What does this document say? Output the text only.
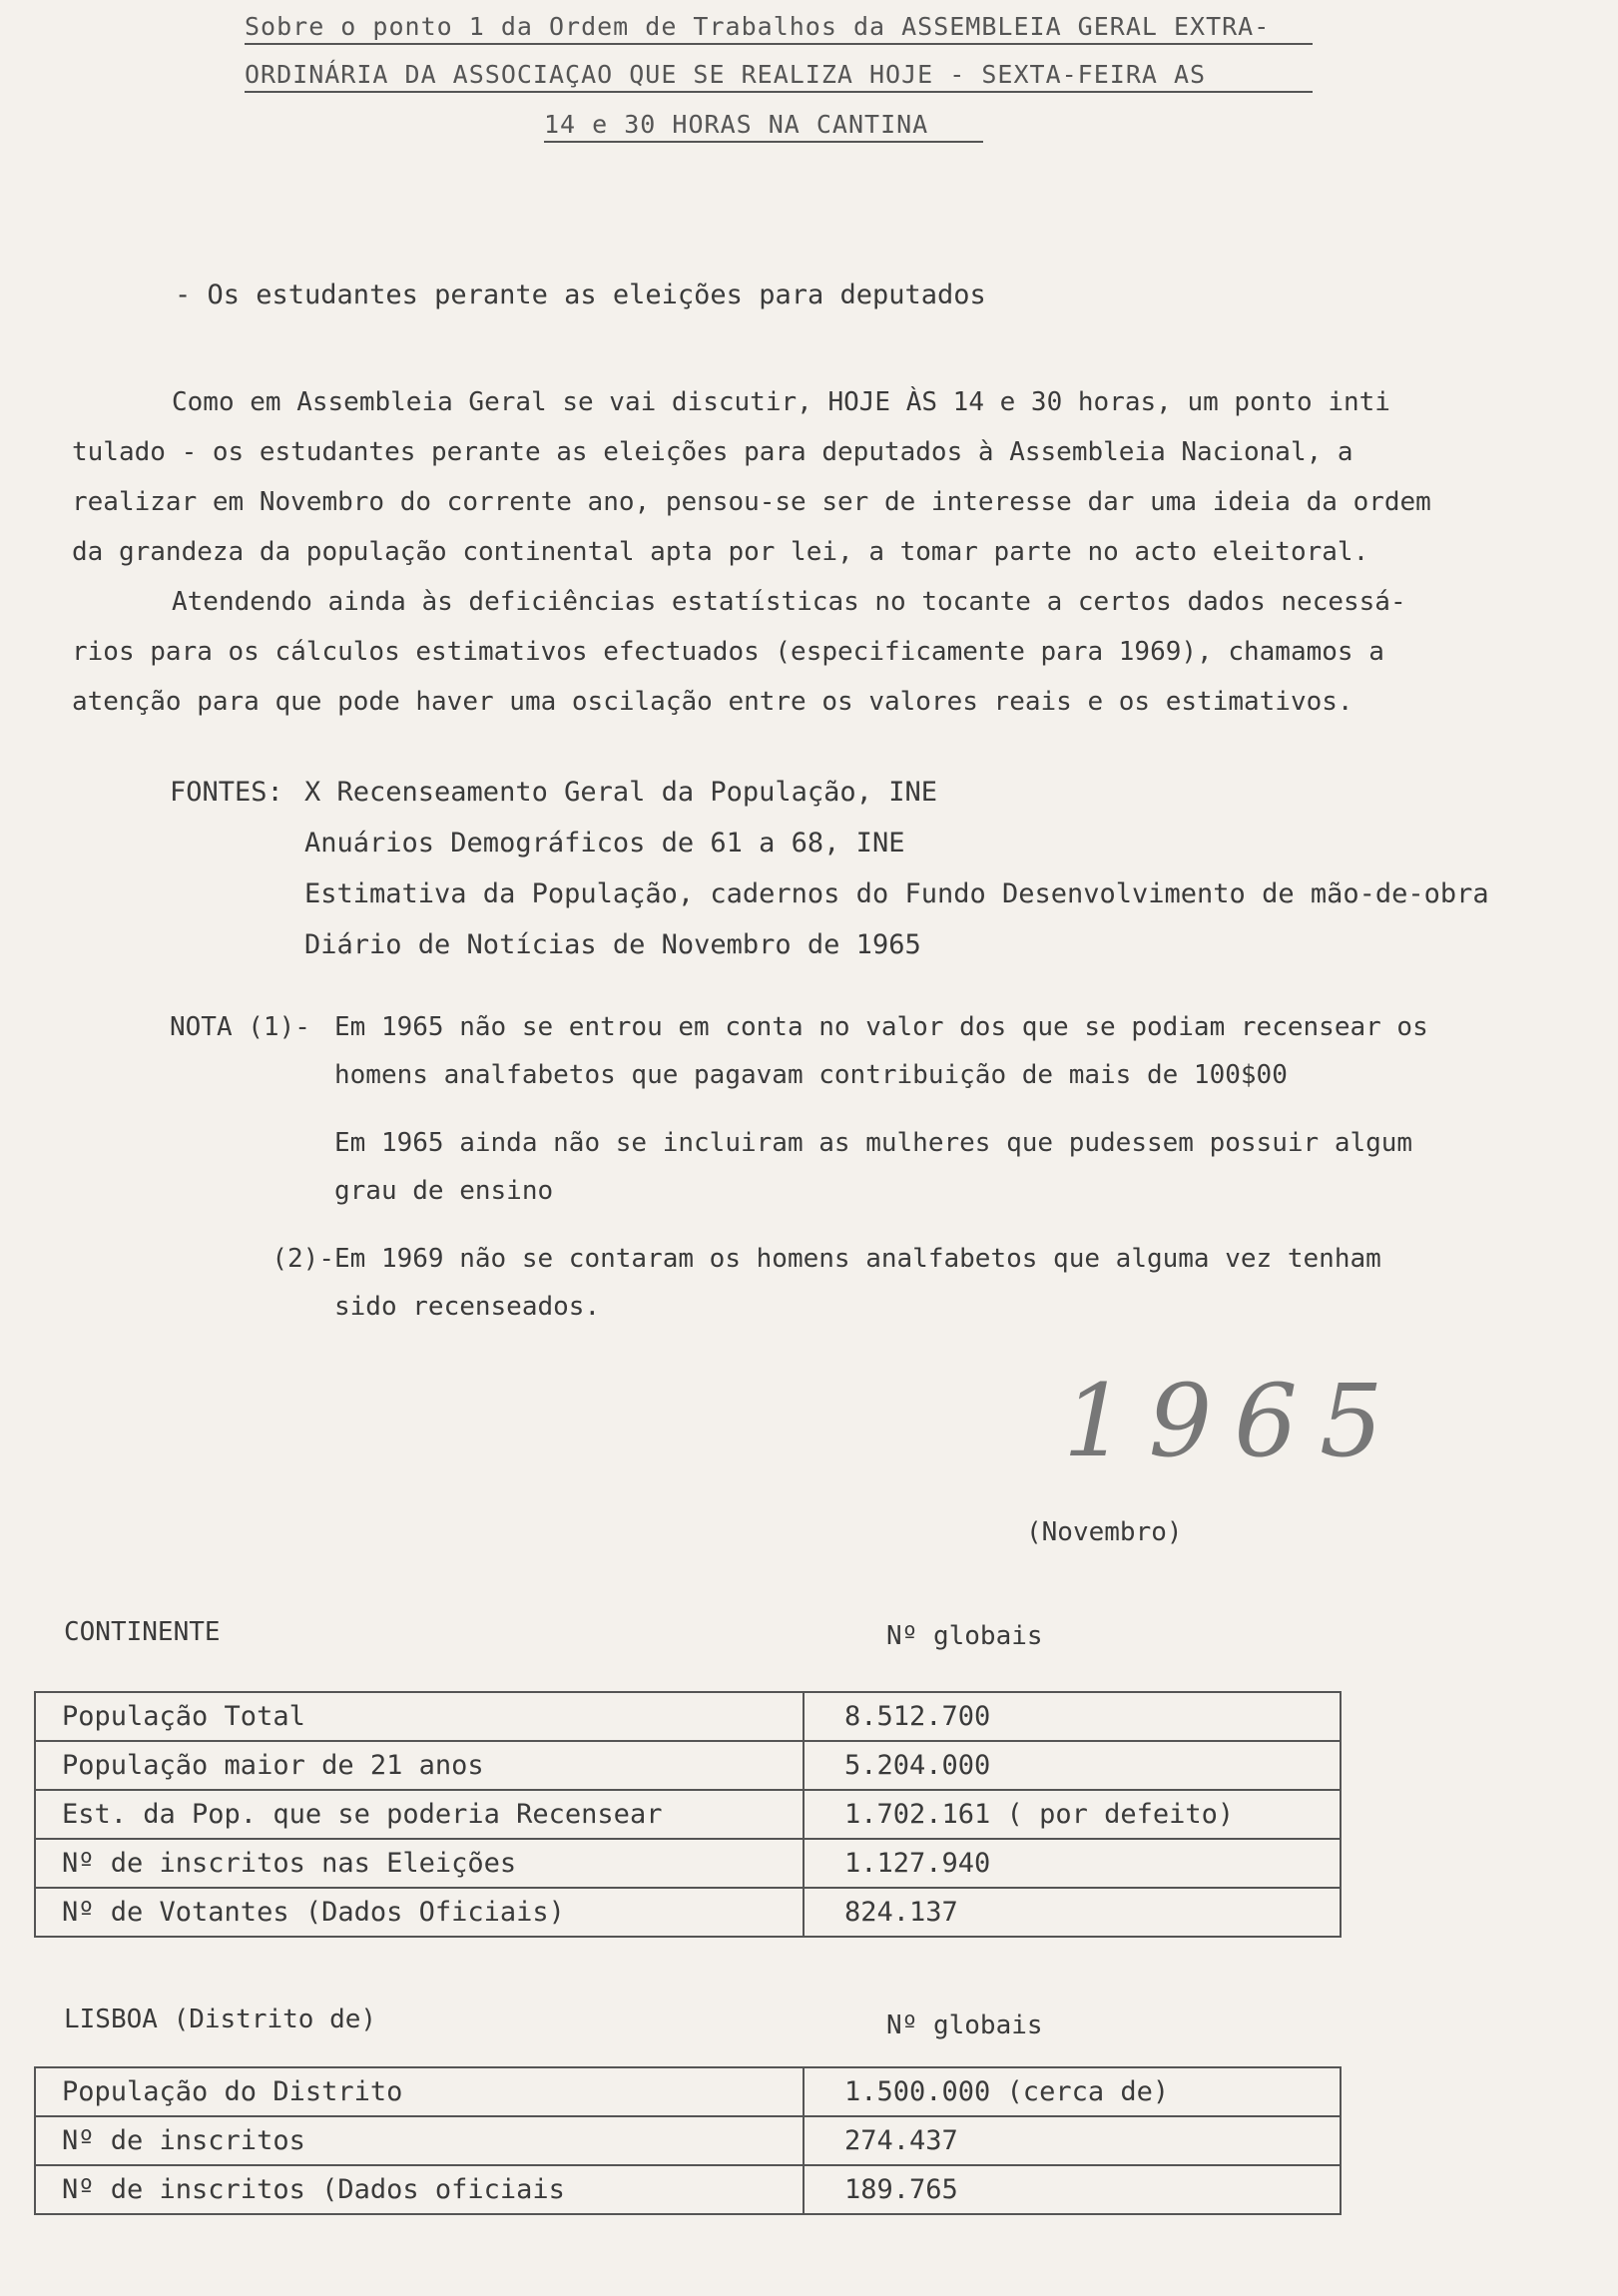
Sobre o ponto 1 da Ordem de Trabalhos da ASSEMBLEIA GERAL EXTRA-
ORDINÁRIA DA ASSOCIAÇAO QUE SE REALIZA HOJE - SEXTA-FEIRA AS
14 e 30 HORAS NA CANTINA
- Os estudantes perante as eleições para deputados
Como em Assembleia Geral se vai discutir, HOJE ÀS 14 e 30 horas, um ponto inti
tulado - os estudantes perante as eleições para deputados à Assembleia Nacional, a
realizar em Novembro do corrente ano, pensou-se ser de interesse dar uma ideia da ordem
da grandeza da população continental apta por lei, a tomar parte no acto eleitoral.
Atendendo ainda às deficiências estatísticas no tocante a certos dados necessá-
rios para os cálculos estimativos efectuados (especificamente para 1969), chamamos a
atenção para que pode haver uma oscilação entre os valores reais e os estimativos.
FONTES: X Recenseamento Geral da População, INE
Anuários Demográficos de 61 a 68, INE
Estimativa da População, cadernos do Fundo Desenvolvimento de mão-de-obra
Diário de Notícias de Novembro de 1965
NOTA (1)- Em 1965 não se entrou em conta no valor dos que se podiam recensear os
homens analfabetos que pagavam contribuição de mais de 100$00
Em 1965 ainda não se incluiram as mulheres que pudessem possuir algum
grau de ensino
(2)-Em 1969 não se contaram os homens analfabetos que alguma vez tenham
sido recenseados.
1965
(Novembro)
CONTINENTE	Nº globais
População Total	8.512.700
População maior de 21 anos	5.204.000
Est. da Pop. que se poderia Recensear	1.702.161 ( por defeito)
Nº de inscritos nas Eleições	1.127.940
Nº de Votantes (Dados Oficiais)	824.137
LISBOA (Distrito de)	Nº globais
População do Distrito	1.500.000 (cerca de)
Nº de inscritos	274.437
Nº de inscritos (Dados oficiais	189.765
